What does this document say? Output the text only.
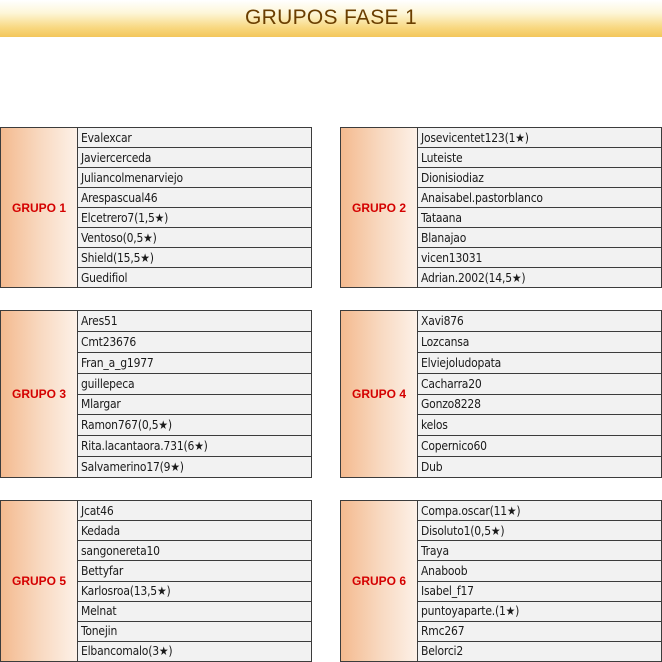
GRUPOS FASE 1
GRUPO 1
Evalexcar
Javiercerceda
Juliancolmenarviejo
Arespascual46
Elcetrero7(1,5★)
Ventoso(0,5★)
Shield(15,5★)
Guedifiol
GRUPO 2
Josevicentet123(1★)
Luteiste
Dionisiodiaz
Anaisabel.pastorblanco
Tataana
Blanajao
vicen13031
Adrian.2002(14,5★)
GRUPO 3
Ares51
Cmt23676
Fran_a_g1977
guillepeca
Mlargar
Ramon767(0,5★)
Rita.lacantaora.731(6★)
Salvamerino17(9★)
GRUPO 4
Xavi876
Lozcansa
Elviejoludopata
Cacharra20
Gonzo8228
kelos
Copernico60
Dub
GRUPO 5
Jcat46
Kedada
sangonereta10
Bettyfar
Karlosroa(13,5★)
Melnat
Tonejin
Elbancomalo(3★)
GRUPO 6
Compa.oscar(11★)
Disoluto1(0,5★)
Traya
Anaboob
Isabel_f17
puntoyaparte.(1★)
Rmc267
Belorci2
